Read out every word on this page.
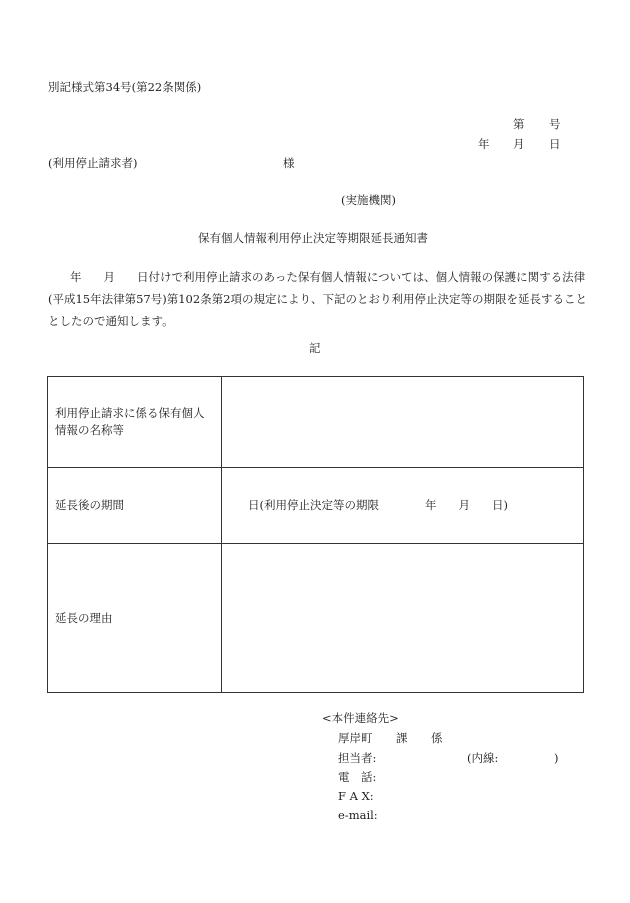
別記様式第34号(第22条関係)
第 号
年 月 日
(利用停止請求者)	様
(実施機関)
保有個人情報利用停止決定等期限延長通知書
年 月 日付けで利用停止請求のあった保有個人情報については、個人情報の保護に関する法律
(平成15年法律第57号)第102条第2項の規定により、下記のとおり利用停止決定等の期限を延長すること
としたので通知します。
記
利用停止請求に係る保有個人
情報の名称等	

延長後の期間	日(利用停止決定等の期限 年 月 日)
延長の理由	
<本件連絡先>
厚岸町 課 係
担当者:	(内線:	)
電　話:
F A X:
e-mail:
